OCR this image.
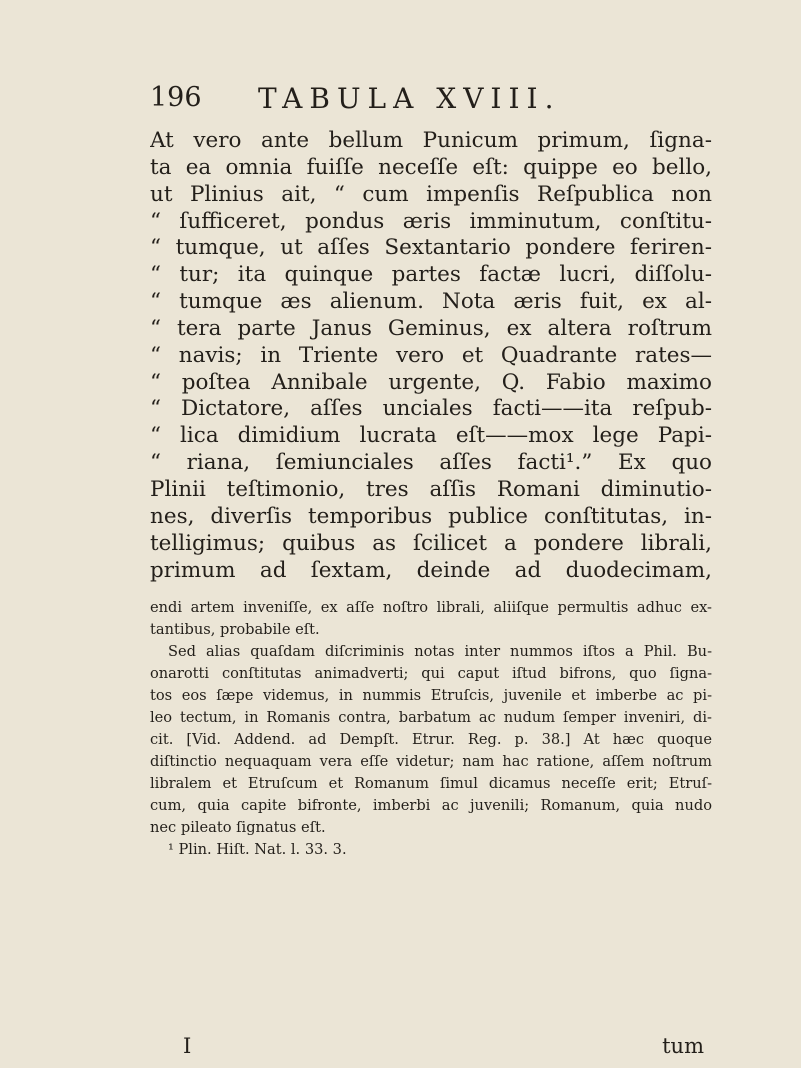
196 TABULA XVIII.
At vero ante bellum Punicum primum, ſigna-
ta ea omnia fuiſſe neceſſe eſt: quippe eo bello,
ut Plinius ait, “ cum impenſis Reſpublica non
“ ſufficeret, pondus æris imminutum, conſtitu-
“ tumque, ut aſſes Sextantario pondere feriren-
“ tur; ita quinque partes factæ lucri, diſſolu-
“ tumque æs alienum. Nota æris fuit, ex al-
“ tera parte Janus Geminus, ex altera roſtrum
“ navis; in Triente vero et Quadrante rates—
“ poſtea Annibale urgente, Q. Fabio maximo
“ Dictatore, aſſes unciales facti——ita reſpub-
“ lica dimidium lucrata eſt——mox lege Papi-
“ riana, ſemiunciales aſſes facti¹.” Ex quo
Plinii teſtimonio, tres aſſis Romani diminutio-
nes, diverſis temporibus publice conſtitutas, in-
telligimus; quibus as ſcilicet a pondere librali,
primum ad ſextam, deinde ad duodecimam,
endi artem inveniſſe, ex aſſe noſtro librali, aliiſque permultis adhuc ex-
tantibus, probabile eſt.
Sed alias quaſdam diſcriminis notas inter nummos iſtos a Phil. Bu-
onarotti conſtitutas animadverti; qui caput iſtud bifrons, quo ſigna-
tos eos ſæpe videmus, in nummis Etruſcis, juvenile et imberbe ac pi-
leo tectum, in Romanis contra, barbatum ac nudum ſemper inveniri, di-
cit. [Vid. Addend. ad Dempſt. Etrur. Reg. p. 38.] At hæc quoque
diſtinctio nequaquam vera eſſe videtur; nam hac ratione, aſſem noſtrum
libralem et Etruſcum et Romanum ſimul dicamus neceſſe erit; Etruſ-
cum, quia capite bifronte, imberbi ac juvenili; Romanum, quia nudo
nec pileato ſignatus eſt.
¹ Plin. Hiſt. Nat. l. 33. 3.
I	tum
